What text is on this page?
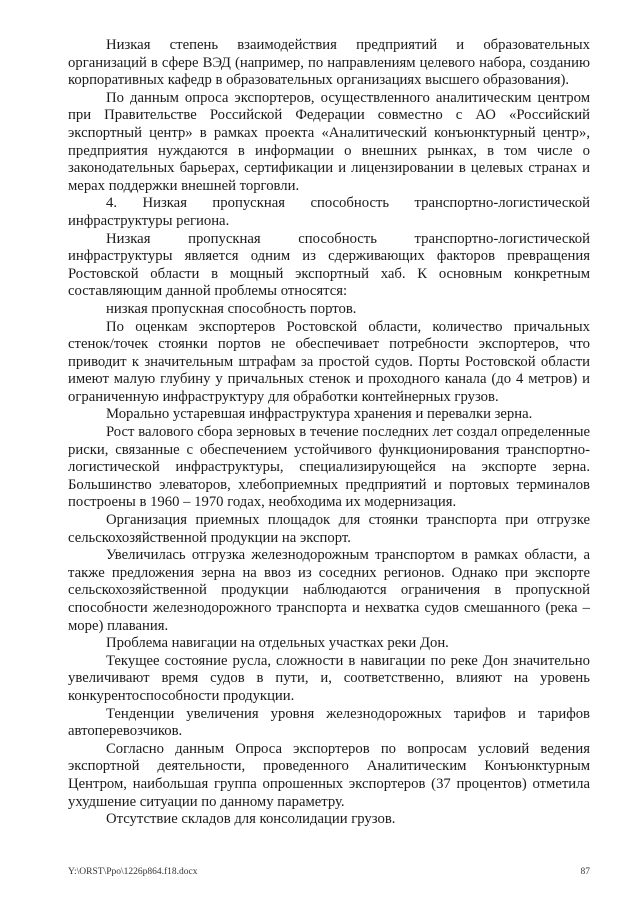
Низкая степень взаимодействия предприятий и образовательных организаций в сфере ВЭД (например, по направлениям целевого набора, созданию корпоративных кафедр в образовательных организациях высшего образования).

По данным опроса экспортеров, осуществленного аналитическим центром при Правительстве Российской Федерации совместно с АО «Российский экспортный центр» в рамках проекта «Аналитический конъюнктурный центр», предприятия нуждаются в информации о внешних рынках, в том числе о законодательных барьерах, сертификации и лицензировании в целевых странах и мерах поддержки внешней торговли.

4. Низкая пропускная способность транспортно-логистической инфраструктуры региона.

Низкая пропускная способность транспортно-логистической инфраструктуры является одним из сдерживающих факторов превращения Ростовской области в мощный экспортный хаб. К основным конкретным составляющим данной проблемы относятся:

низкая пропускная способность портов.

По оценкам экспортеров Ростовской области, количество причальных стенок/точек стоянки портов не обеспечивает потребности экспортеров, что приводит к значительным штрафам за простой судов. Порты Ростовской области имеют малую глубину у причальных стенок и проходного канала (до 4 метров) и ограниченную инфраструктуру для обработки контейнерных грузов.

Морально устаревшая инфраструктура хранения и перевалки зерна.

Рост валового сбора зерновых в течение последних лет создал определенные риски, связанные с обеспечением устойчивого функционирования транспортно-логистической инфраструктуры, специализирующейся на экспорте зерна. Большинство элеваторов, хлебоприемных предприятий и портовых терминалов построены в 1960 – 1970 годах, необходима их модернизация.

Организация приемных площадок для стоянки транспорта при отгрузке сельскохозяйственной продукции на экспорт.

Увеличилась отгрузка железнодорожным транспортом в рамках области, а также предложения зерна на ввоз из соседних регионов. Однако при экспорте сельскохозяйственной продукции наблюдаются ограничения в пропускной способности железнодорожного транспорта и нехватка судов смешанного (река – море) плавания.

Проблема навигации на отдельных участках реки Дон.

Текущее состояние русла, сложности в навигации по реке Дон значительно увеличивают время судов в пути, и, соответственно, влияют на уровень конкурентоспособности продукции.

Тенденции увеличения уровня железнодорожных тарифов и тарифов автоперевозчиков.

Согласно данным Опроса экспортеров по вопросам условий ведения экспортной деятельности, проведенного Аналитическим Конъюнктурным Центром, наибольшая группа опрошенных экспортеров (37 процентов) отметила ухудшение ситуации по данному параметру.

Отсутствие складов для консолидации грузов.

Y:\ORST\Ppo\1226p864.f18.docx	87
